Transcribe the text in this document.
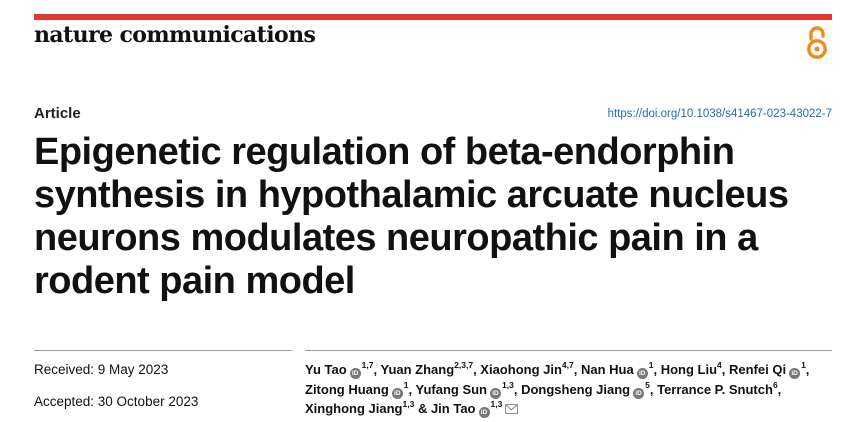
nature communications
Article	https://doi.org/10.1038/s41467-023-43022-7
Epigenetic regulation of beta-endorphin
synthesis in hypothalamic arcuate nucleus
neurons modulates neuropathic pain in a
rodent pain model
Received: 9 May 2023
Accepted: 30 October 2023
Yu Tao iD$^{1,7}$, Yuan Zhang$^{2,3,7}$, Xiaohong Jin$^{4,7}$, Nan Hua $iD^1$, Hong Liu$^4$, Renfei Qi $iD^1$,
Zitong Huang $iD^1$, Yufang Sun iD$^{1,3}$, Dongsheng Jiang $iD^5$, Terrance P. Snutch$^6$,
Xinghong Jiang$^{1,3}$ & Jin Tao iD$^{1,3}$
